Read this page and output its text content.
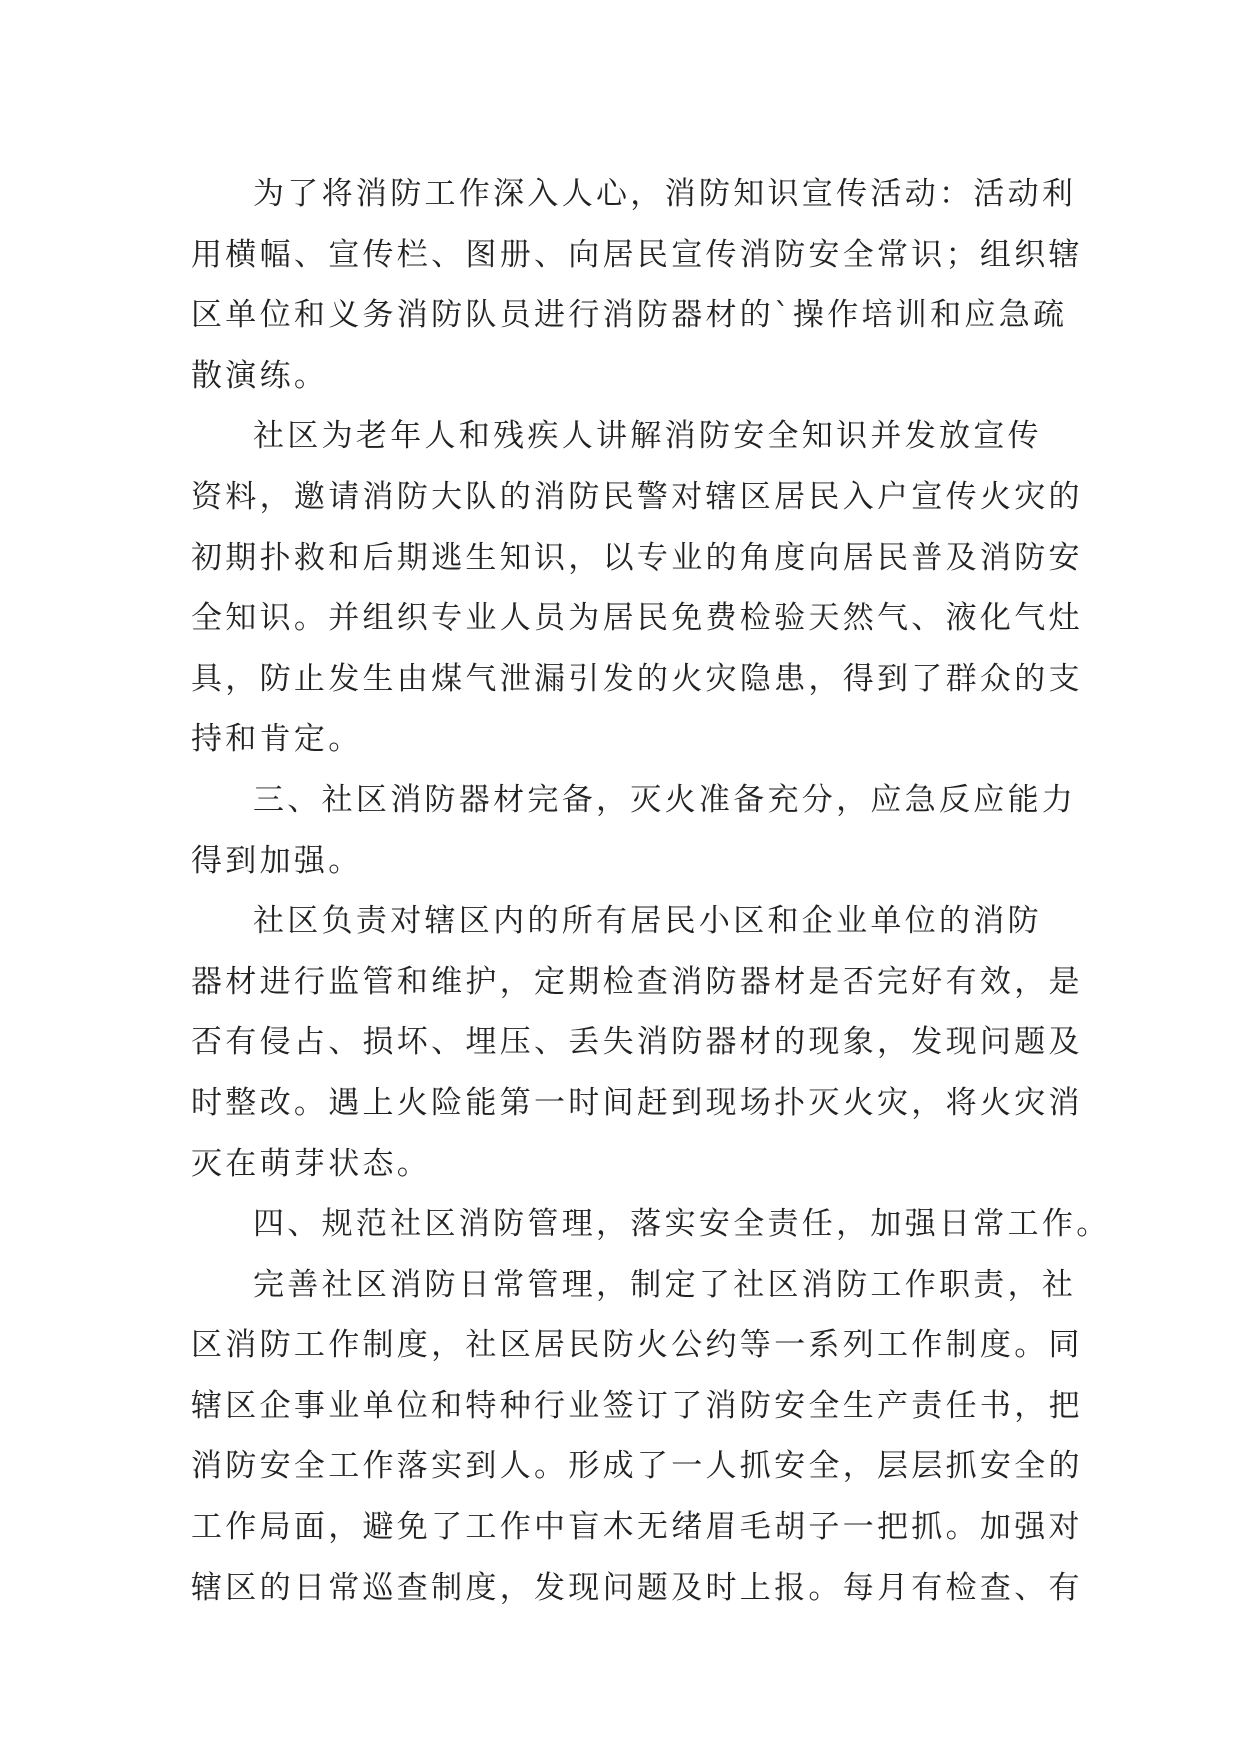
为了将消防工作深入人心，消防知识宣传活动：活动利
用横幅、宣传栏、图册、向居民宣传消防安全常识；组织辖
区单位和义务消防队员进行消防器材的`操作培训和应急疏
散演练。

社区为老年人和残疾人讲解消防安全知识并发放宣传
资料，邀请消防大队的消防民警对辖区居民入户宣传火灾的
初期扑救和后期逃生知识，以专业的角度向居民普及消防安
全知识。并组织专业人员为居民免费检验天然气、液化气灶
具，防止发生由煤气泄漏引发的火灾隐患，得到了群众的支
持和肯定。

三、社区消防器材完备，灭火准备充分，应急反应能力
得到加强。

社区负责对辖区内的所有居民小区和企业单位的消防
器材进行监管和维护，定期检查消防器材是否完好有效，是
否有侵占、损坏、埋压、丢失消防器材的现象，发现问题及
时整改。遇上火险能第一时间赶到现场扑灭火灾，将火灾消
灭在萌芽状态。

四、规范社区消防管理，落实安全责任，加强日常工作。

完善社区消防日常管理，制定了社区消防工作职责，社
区消防工作制度，社区居民防火公约等一系列工作制度。同
辖区企事业单位和特种行业签订了消防安全生产责任书，把
消防安全工作落实到人。形成了一人抓安全，层层抓安全的
工作局面，避免了工作中盲木无绪眉毛胡子一把抓。加强对
辖区的日常巡查制度，发现问题及时上报。每月有检查、有
